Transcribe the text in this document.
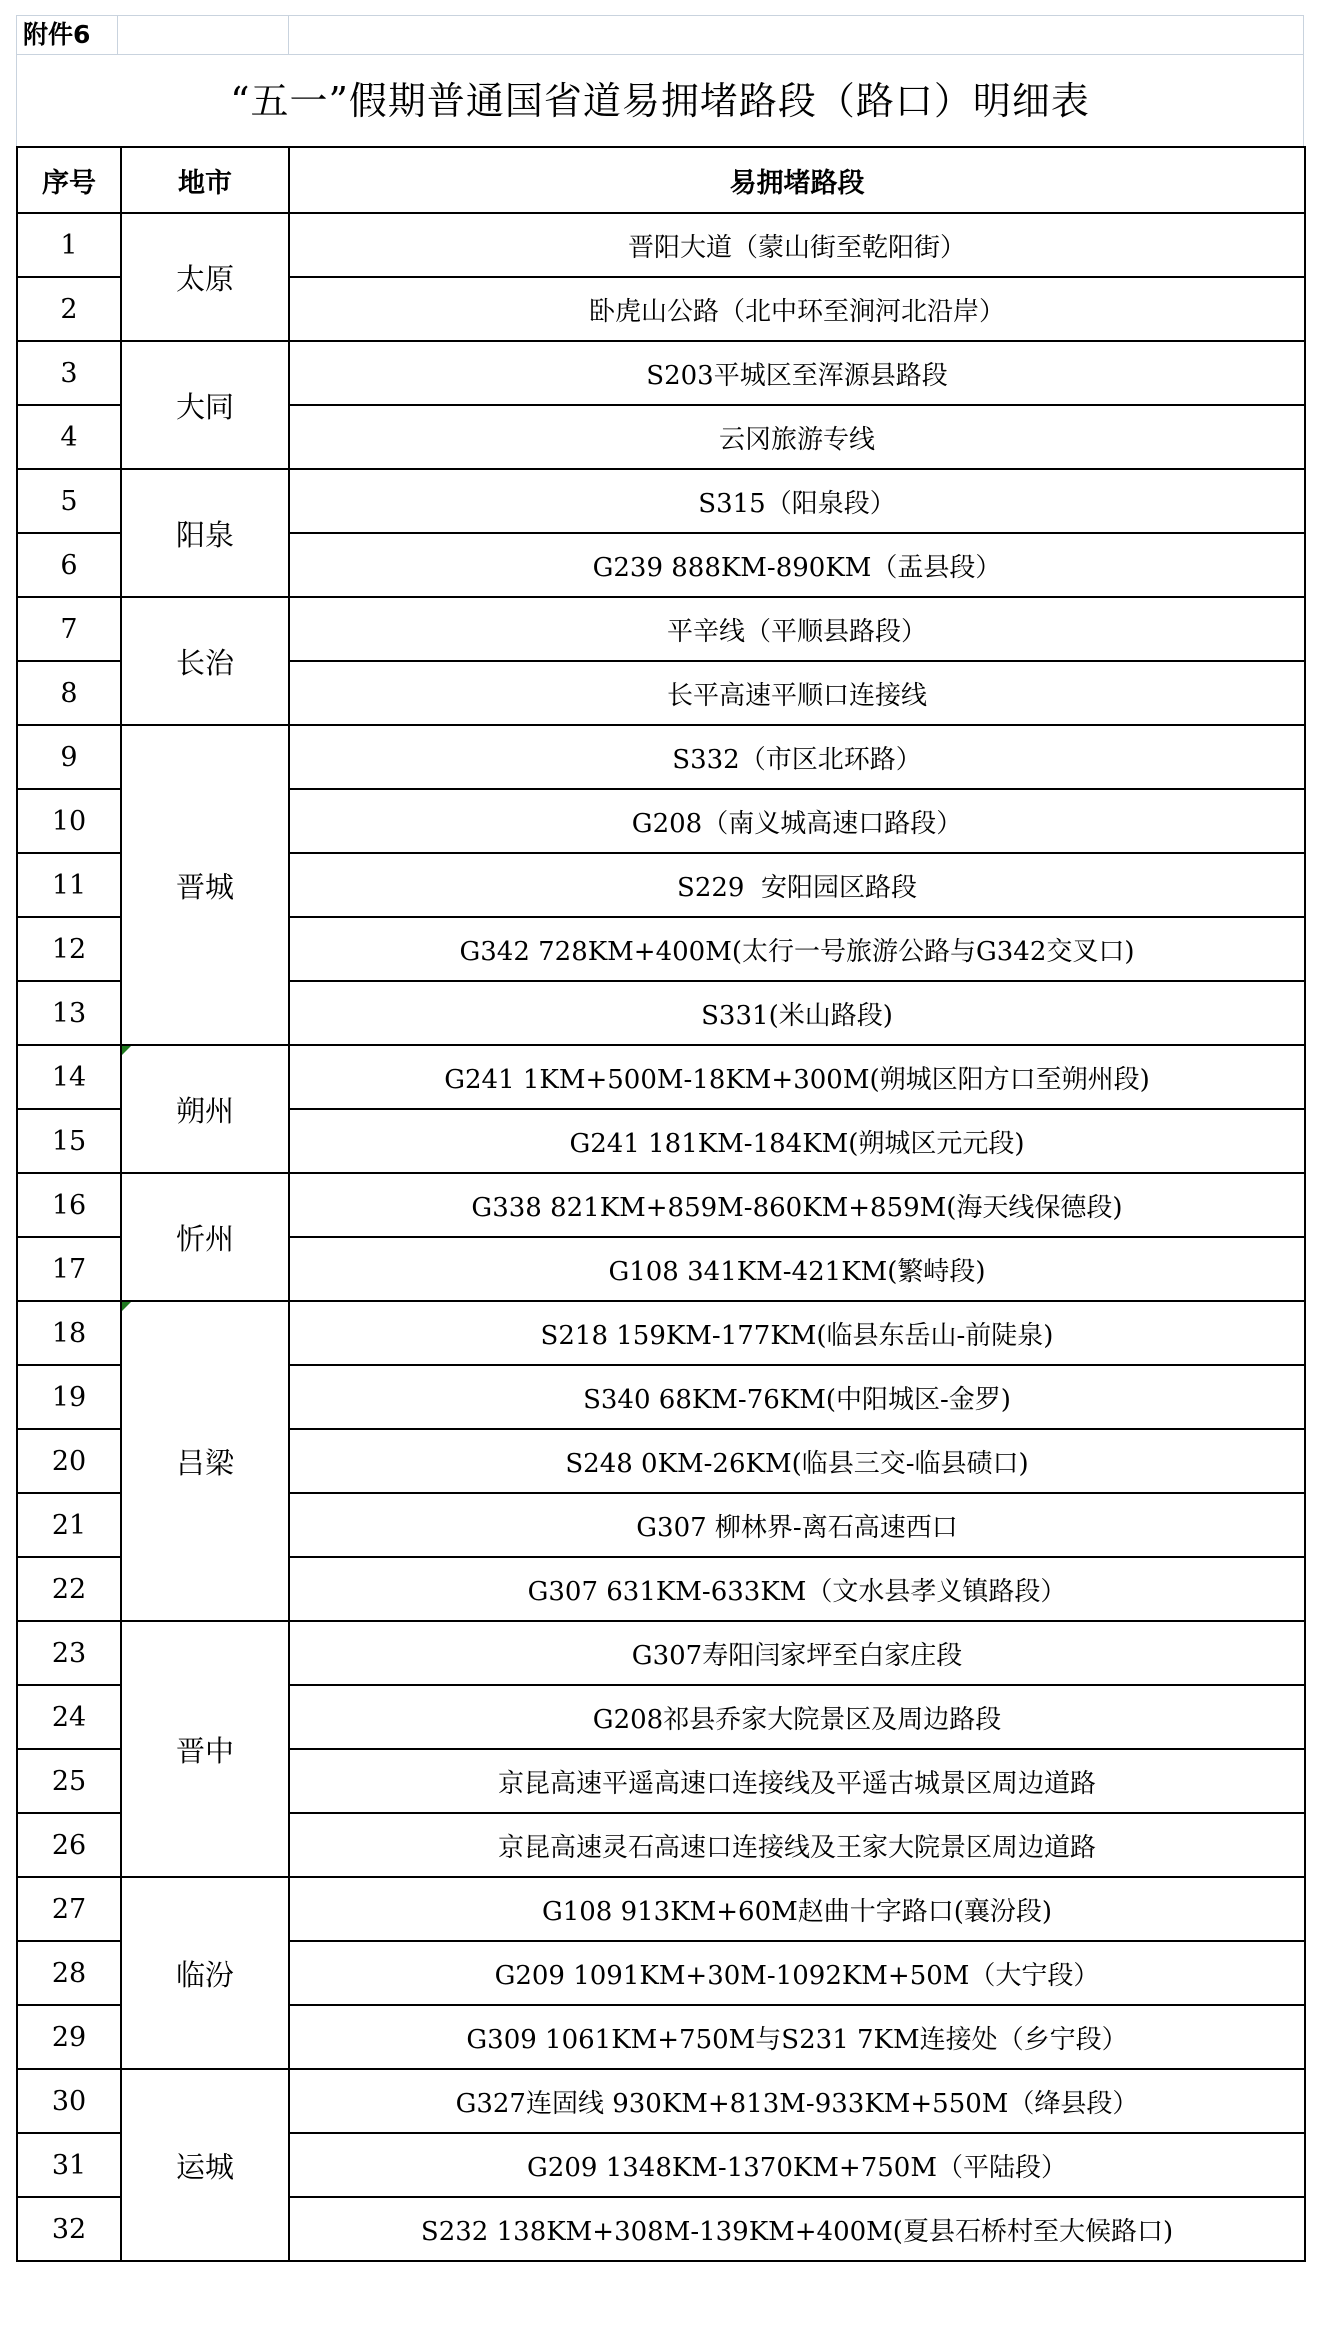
附件6
“五一”假期普通国省道易拥堵路段（路口）明细表
序号	地市	易拥堵路段
1	太原	晋阳大道（蒙山街至乾阳街）
2		卧虎山公路（北中环至涧河北沿岸）
3	大同	S203平城区至浑源县路段
4		云冈旅游专线
5	阳泉	S315（阳泉段）
6		G239 888KM-890KM（盂县段）
7	长治	平辛线（平顺县路段）
8		长平高速平顺口连接线
9	晋城	S332（市区北环路）
10		G208（南义城高速口路段）
11		S229  安阳园区路段
12		G342 728KM+400M(太行一号旅游公路与G342交叉口)
13		S331(米山路段)
14	朔州	G241 1KM+500M-18KM+300M(朔城区阳方口至朔州段)
15		G241 181KM-184KM(朔城区元元段)
16	忻州	G338 821KM+859M-860KM+859M(海天线保德段)
17		G108 341KM-421KM(繁峙段)
18	吕梁	S218 159KM-177KM(临县东岳山-前陡泉)
19		S340 68KM-76KM(中阳城区-金罗)
20		S248 0KM-26KM(临县三交-临县碛口)
21		G307 柳林界-离石高速西口
22		G307 631KM-633KM（文水县孝义镇路段）
23	晋中	G307寿阳闫家坪至白家庄段
24		G208祁县乔家大院景区及周边路段
25		京昆高速平遥高速口连接线及平遥古城景区周边道路
26		京昆高速灵石高速口连接线及王家大院景区周边道路
27	临汾	G108 913KM+60M赵曲十字路口(襄汾段)
28		G209 1091KM+30M-1092KM+50M（大宁段）
29		G309 1061KM+750M与S231 7KM连接处（乡宁段）
30	运城	G327连固线 930KM+813M-933KM+550M（绛县段）
31		G209 1348KM-1370KM+750M（平陆段）
32		S232 138KM+308M-139KM+400M(夏县石桥村至大候路口)
